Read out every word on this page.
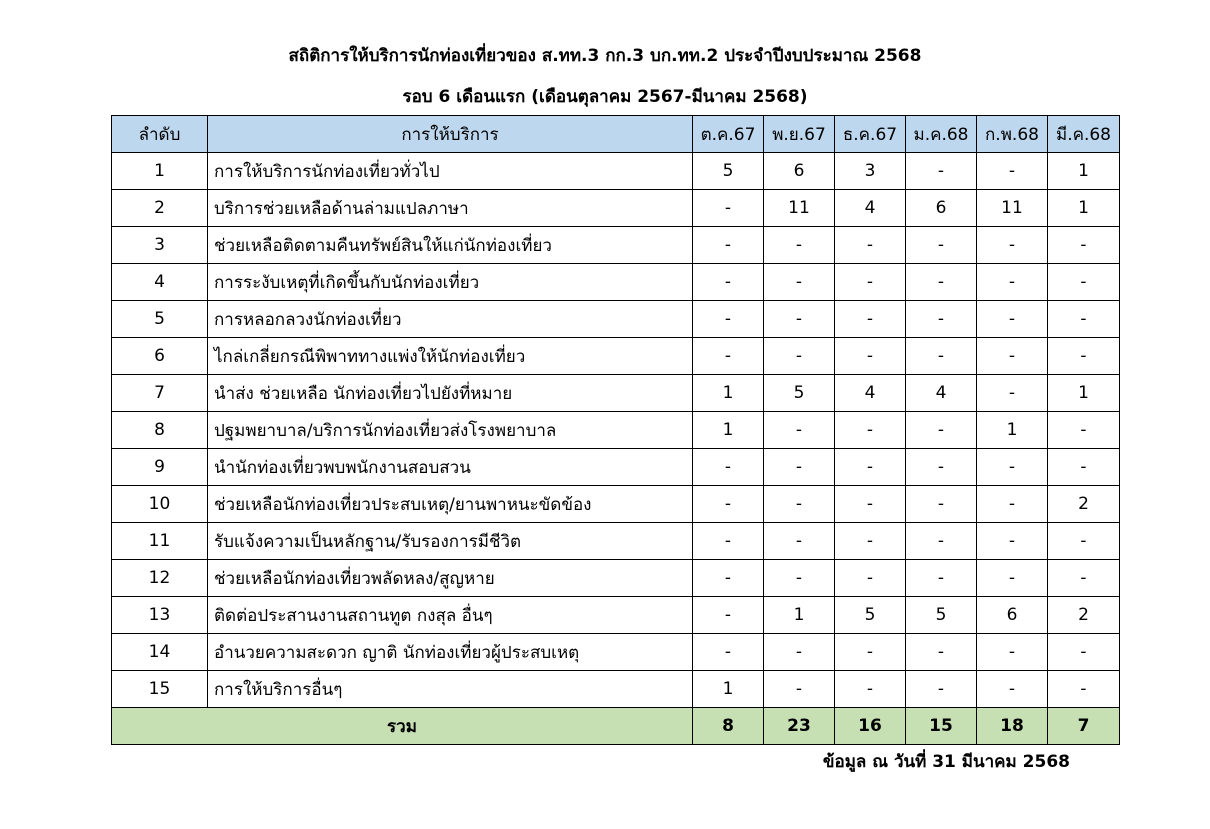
สถิติการให้บริการนักท่องเที่ยวของ ส.ทท.3 กก.3 บก.ทท.2 ประจำปีงบประมาณ 2568
รอบ 6 เดือนแรก (เดือนตุลาคม 2567-มีนาคม 2568)
ลำดับ	การให้บริการ	ต.ค.67	พ.ย.67	ธ.ค.67	ม.ค.68	ก.พ.68	มี.ค.68
1	การให้บริการนักท่องเที่ยวทั่วไป	5	6	3	-	-	1
2	บริการช่วยเหลือด้านล่ามแปลภาษา	-	11	4	6	11	1
3	ช่วยเหลือติดตามคืนทรัพย์สินให้แก่นักท่องเที่ยว	-	-	-	-	-	-
4	การระงับเหตุที่เกิดขึ้นกับนักท่องเที่ยว	-	-	-	-	-	-
5	การหลอกลวงนักท่องเที่ยว	-	-	-	-	-	-
6	ไกล่เกลี่ยกรณีพิพาททางแพ่งให้นักท่องเที่ยว	-	-	-	-	-	-
7	นำส่ง ช่วยเหลือ นักท่องเที่ยวไปยังที่หมาย	1	5	4	4	-	1
8	ปฐมพยาบาล/บริการนักท่องเที่ยวส่งโรงพยาบาล	1	-	-	-	1	-
9	นำนักท่องเที่ยวพบพนักงานสอบสวน	-	-	-	-	-	-
10	ช่วยเหลือนักท่องเที่ยวประสบเหตุ/ยานพาหนะขัดข้อง	-	-	-	-	-	2
11	รับแจ้งความเป็นหลักฐาน/รับรองการมีชีวิต	-	-	-	-	-	-
12	ช่วยเหลือนักท่องเที่ยวพลัดหลง/สูญหาย	-	-	-	-	-	-
13	ติดต่อประสานงานสถานทูต กงสุล อื่นๆ	-	1	5	5	6	2
14	อำนวยความสะดวก ญาติ นักท่องเที่ยวผู้ประสบเหตุ	-	-	-	-	-	-
15	การให้บริการอื่นๆ	1	-	-	-	-	-
รวม		8	23	16	15	18	7
ข้อมูล ณ วันที่ 31 มีนาคม 2568
